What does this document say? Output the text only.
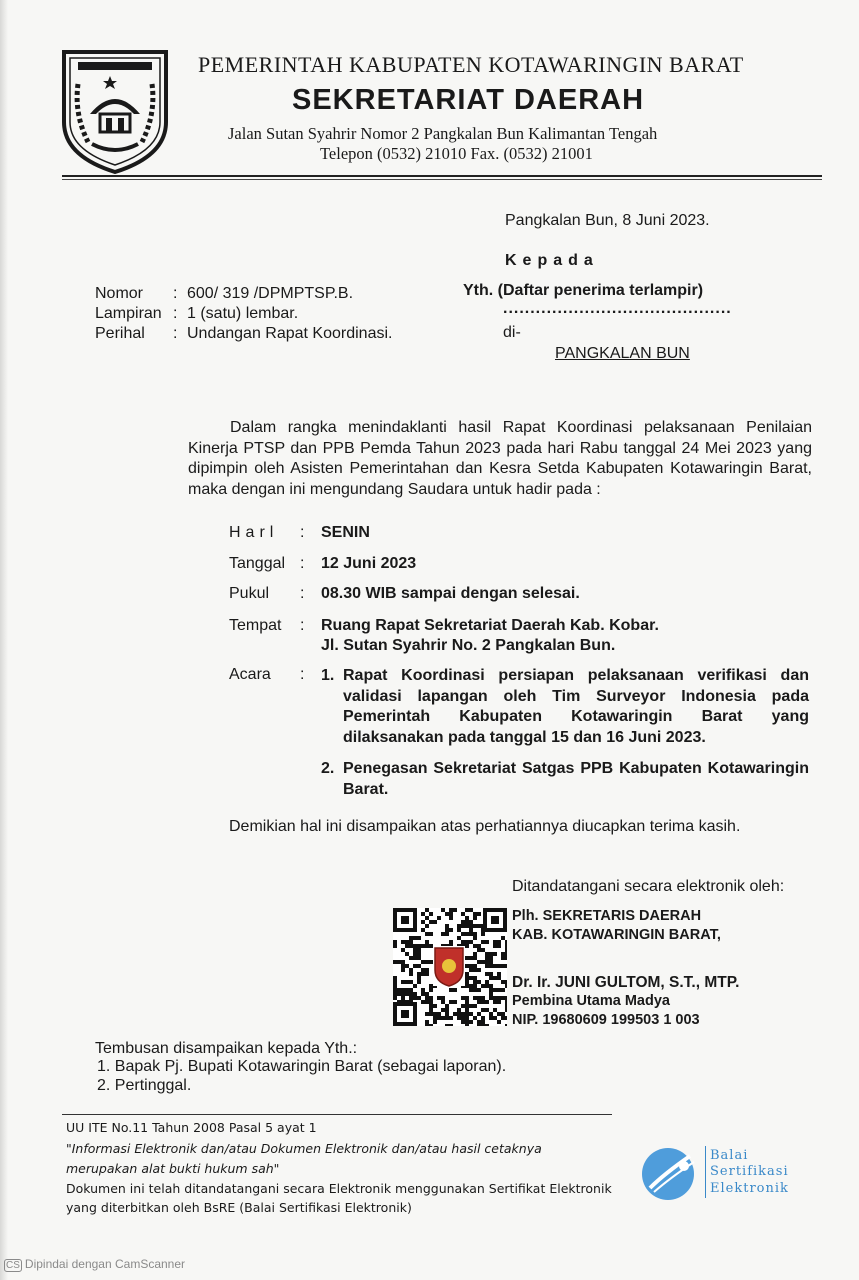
PEMERINTAH KABUPATEN KOTAWARINGIN BARAT
SEKRETARIAT DAERAH
Jalan Sutan Syahrir Nomor 2 Pangkalan Bun Kalimantan Tengah
Telepon (0532) 21010 Fax. (0532) 21001
Pangkalan Bun, 8 Juni 2023.
Kepada
Yth. (Daftar penerima terlampir)
..........................................
di-
PANGKALAN BUN
Nomor : 600/ 319 /DPMPTSP.B.
Lampiran : 1 (satu) lembar.
Perihal : Undangan Rapat Koordinasi.
Dalam rangka menindaklanti hasil Rapat Koordinasi pelaksanaan Penilaian Kinerja PTSP dan PPB Pemda Tahun 2023 pada hari Rabu tanggal 24 Mei 2023 yang dipimpin oleh Asisten Pemerintahan dan Kesra Setda Kabupaten Kotawaringin Barat, maka dengan ini mengundang Saudara untuk hadir pada :
Harl : SENIN
Tanggal : 12 Juni 2023
Pukul : 08.30 WIB sampai dengan selesai.
Tempat : Ruang Rapat Sekretariat Daerah Kab. Kobar.
Jl. Sutan Syahrir No. 2 Pangkalan Bun.
Acara : 1. Rapat Koordinasi persiapan pelaksanaan verifikasi dan validasi lapangan oleh Tim Surveyor Indonesia pada Pemerintah Kabupaten Kotawaringin Barat yang dilaksanakan pada tanggal 15 dan 16 Juni 2023.
2. Penegasan Sekretariat Satgas PPB Kabupaten Kotawaringin Barat.
Demikian hal ini disampaikan atas perhatiannya diucapkan terima kasih.
Ditandatangani secara elektronik oleh:
Plh. SEKRETARIS DAERAH
KAB. KOTAWARINGIN BARAT,
Dr. Ir. JUNI GULTOM, S.T., MTP.
Pembina Utama Madya
NIP. 19680609 199503 1 003
Tembusan disampaikan kepada Yth.:
1. Bapak Pj. Bupati Kotawaringin Barat (sebagai laporan).
2. Pertinggal.
UU ITE No.11 Tahun 2008 Pasal 5 ayat 1
"Informasi Elektronik dan/atau Dokumen Elektronik dan/atau hasil cetaknya
merupakan alat bukti hukum sah"
Dokumen ini telah ditandatangani secara Elektronik menggunakan Sertifikat Elektronik
yang diterbitkan oleh BsRE (Balai Sertifikasi Elektronik)
Balai
Sertifikasi
Elektronik
CS Dipindai dengan CamScanner
